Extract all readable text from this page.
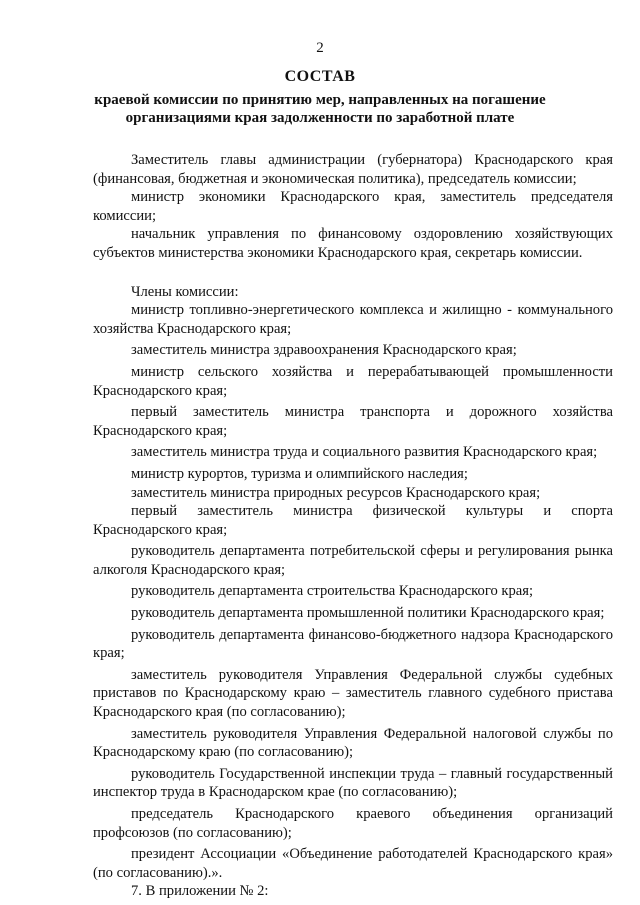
2
СОСТАВ
краевой комиссии по принятию мер, направленных на погашение
организациями края задолженности по заработной плате

Заместитель главы администрации (губернатора) Краснодарского края (финансовая, бюджетная и экономическая политика), председатель комиссии;

министр экономики Краснодарского края, заместитель председателя комиссии;

начальник управления по финансовому оздоровлению хозяйствующих субъектов министерства экономики Краснодарского края, секретарь комиссии.

Члены комиссии:

министр топливно-энергетического комплекса и жилищно - коммунального хозяйства Краснодарского края;

заместитель министра здравоохранения Краснодарского края;

министр сельского хозяйства и перерабатывающей промышленности Краснодарского края;

первый заместитель министра транспорта и дорожного хозяйства Краснодарского края;

заместитель министра труда и социального развития Краснодарского края;

министр курортов, туризма и олимпийского наследия;

заместитель министра природных ресурсов Краснодарского края;

первый заместитель министра физической культуры и спорта Краснодарского края;

руководитель департамента потребительской сферы и регулирования рынка алкоголя Краснодарского края;

руководитель департамента строительства Краснодарского края;

руководитель департамента промышленной политики Краснодарского края;

руководитель департамента финансово-бюджетного надзора Краснодарского края;

заместитель руководителя Управления Федеральной службы судебных приставов по Краснодарскому краю – заместитель главного судебного пристава Краснодарского края (по согласованию);

заместитель руководителя Управления Федеральной налоговой службы по Краснодарскому краю (по согласованию);

руководитель Государственной инспекции труда – главный государственный инспектор труда в Краснодарском крае (по согласованию);

председатель Краснодарского краевого объединения организаций профсоюзов (по согласованию);

президент Ассоциации «Объединение работодателей Краснодарского края» (по согласованию).».

7. В приложении № 2:
